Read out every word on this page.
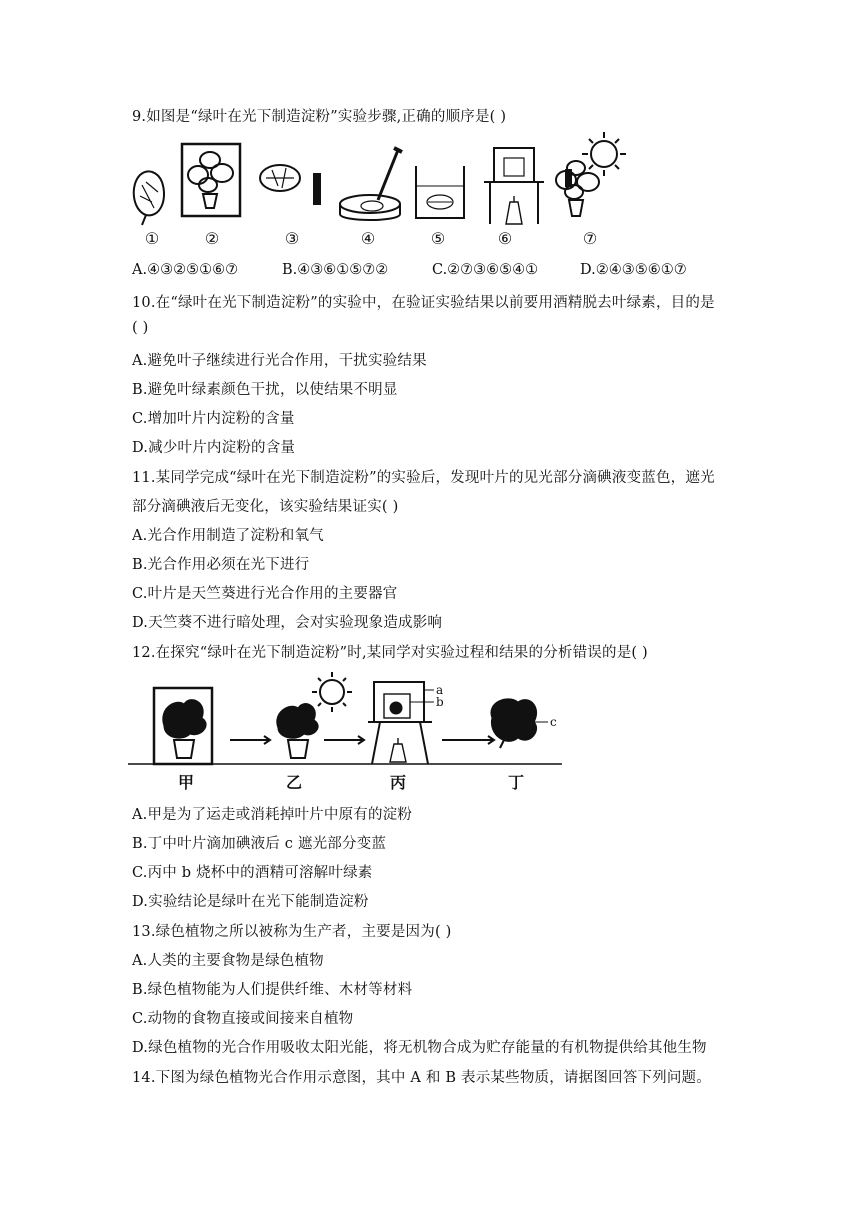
9.如图是“绿叶在光下制造淀粉”实验步骤,正确的顺序是( )
①	②	③	④	⑤	⑥	⑦
A.④③②⑤①⑥⑦	B.④③⑥①⑤⑦②	C.②⑦③⑥⑤④①	D.②④③⑤⑥①⑦
10.在“绿叶在光下制造淀粉”的实验中，在验证实验结果以前要用酒精脱去叶绿素，目的是
( )
A.避免叶子继续进行光合作用，干扰实验结果
B.避免叶绿素颜色干扰，以使结果不明显
C.增加叶片内淀粉的含量
D.减少叶片内淀粉的含量
11.某同学完成“绿叶在光下制造淀粉”的实验后，发现叶片的见光部分滴碘液变蓝色，遮光
部分滴碘液后无变化，该实验结果证实( )
A.光合作用制造了淀粉和氧气
B.光合作用必须在光下进行
C.叶片是天竺葵进行光合作用的主要器官
D.天竺葵不进行暗处理，会对实验现象造成影响
12.在探究“绿叶在光下制造淀粉”时,某同学对实验过程和结果的分析错误的是( )
a
b
c
甲	乙	丙	丁
A.甲是为了运走或消耗掉叶片中原有的淀粉
B.丁中叶片滴加碘液后 c 遮光部分变蓝
C.丙中 b 烧杯中的酒精可溶解叶绿素
D.实验结论是绿叶在光下能制造淀粉
13.绿色植物之所以被称为生产者，主要是因为( )
A.人类的主要食物是绿色植物
B.绿色植物能为人们提供纤维、木材等材料
C.动物的食物直接或间接来自植物
D.绿色植物的光合作用吸收太阳光能，将无机物合成为贮存能量的有机物提供给其他生物
14.下图为绿色植物光合作用示意图，其中 A 和 B 表示某些物质，请据图回答下列问题。
